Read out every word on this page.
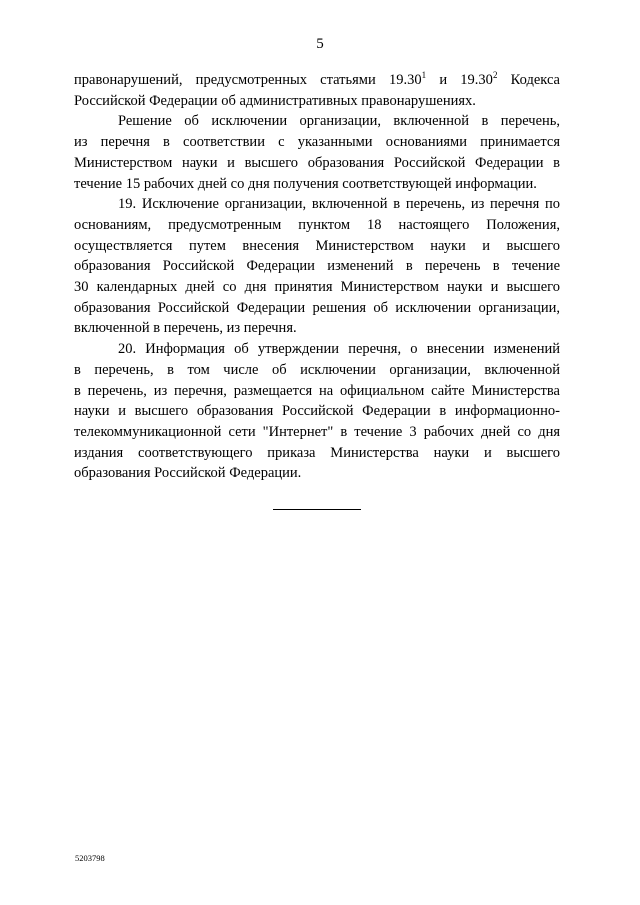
5

правонарушений, предусмотренных статьями 19.30$^1$ и 19.30$^2$ Кодекса
Российской Федерации об административных правонарушениях.

Решение об исключении организации, включенной в перечень,
из перечня в соответствии с указанными основаниями принимается
Министерством науки и высшего образования Российской Федерации в
течение 15 рабочих дней со дня получения соответствующей информации.

19. Исключение организации, включенной в перечень, из перечня по
основаниям, предусмотренным пунктом 18 настоящего Положения,
осуществляется путем внесения Министерством науки и высшего
образования Российской Федерации изменений в перечень в течение
30 календарных дней со дня принятия Министерством науки и высшего
образования Российской Федерации решения об исключении организации,
включенной в перечень, из перечня.

20. Информация об утверждении перечня, о внесении изменений
в перечень, в том числе об исключении организации, включенной
в перечень, из перечня, размещается на официальном сайте Министерства
науки и высшего образования Российской Федерации в информационно-
телекоммуникационной сети "Интернет" в течение 3 рабочих дней со дня
издания соответствующего приказа Министерства науки и высшего
образования Российской Федерации.

5203798
